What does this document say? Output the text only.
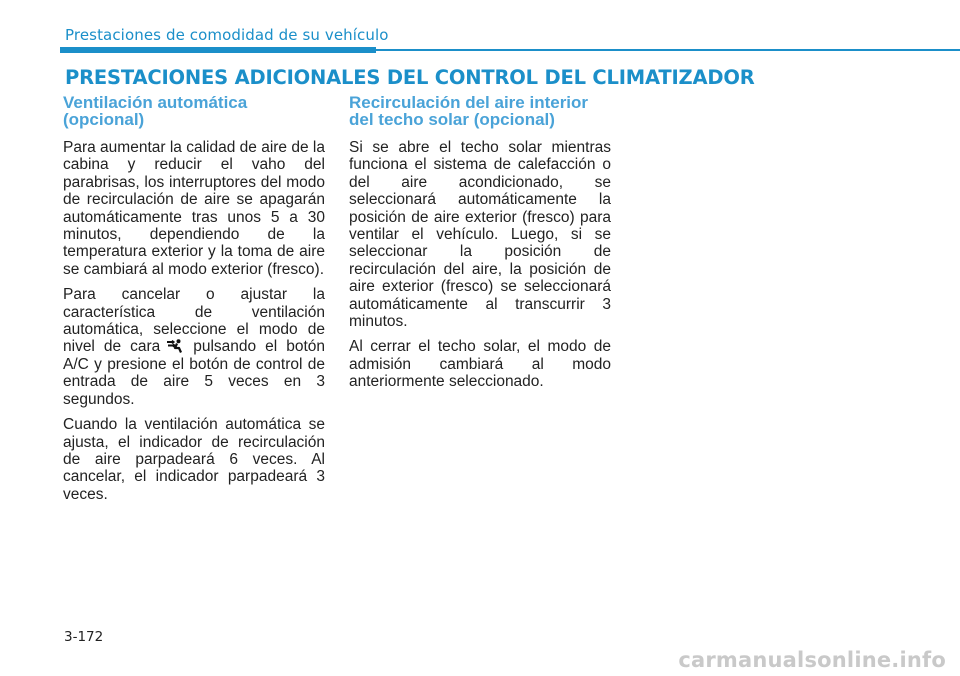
Prestaciones de comodidad de su vehículo
PRESTACIONES ADICIONALES DEL CONTROL DEL CLIMATIZADOR
Ventilación automática (opcional)

Para aumentar la calidad de aire de la cabina y reducir el vaho del parabrisas, los interruptores del modo de recirculación de aire se apagarán automáticamente tras unos 5 a 30 minutos, dependiendo de la temperatura exterior y la toma de aire se cambiará al modo exterior (fresco).

Para cancelar o ajustar la característica de ventilación automática, seleccione el modo de nivel de cara pulsando el botón A/C y presione el botón de control de entrada de aire 5 veces en 3 segundos.

Cuando la ventilación automática se ajusta, el indicador de recirculación de aire parpadeará 6 veces. Al cancelar, el indicador parpadeará 3 veces.

Recirculación del aire interior del techo solar (opcional)

Si se abre el techo solar mientras funciona el sistema de calefacción o del aire acondicionado, se seleccionará automáticamente la posición de aire exterior (fresco) para ventilar el vehículo. Luego, si se seleccionar la posición de recirculación del aire, la posición de aire exterior (fresco) se seleccionará automáticamente al transcurrir 3 minutos.

Al cerrar el techo solar, el modo de admisión cambiará al modo anteriormente seleccionado.

3-172
carmanualsonline.info
